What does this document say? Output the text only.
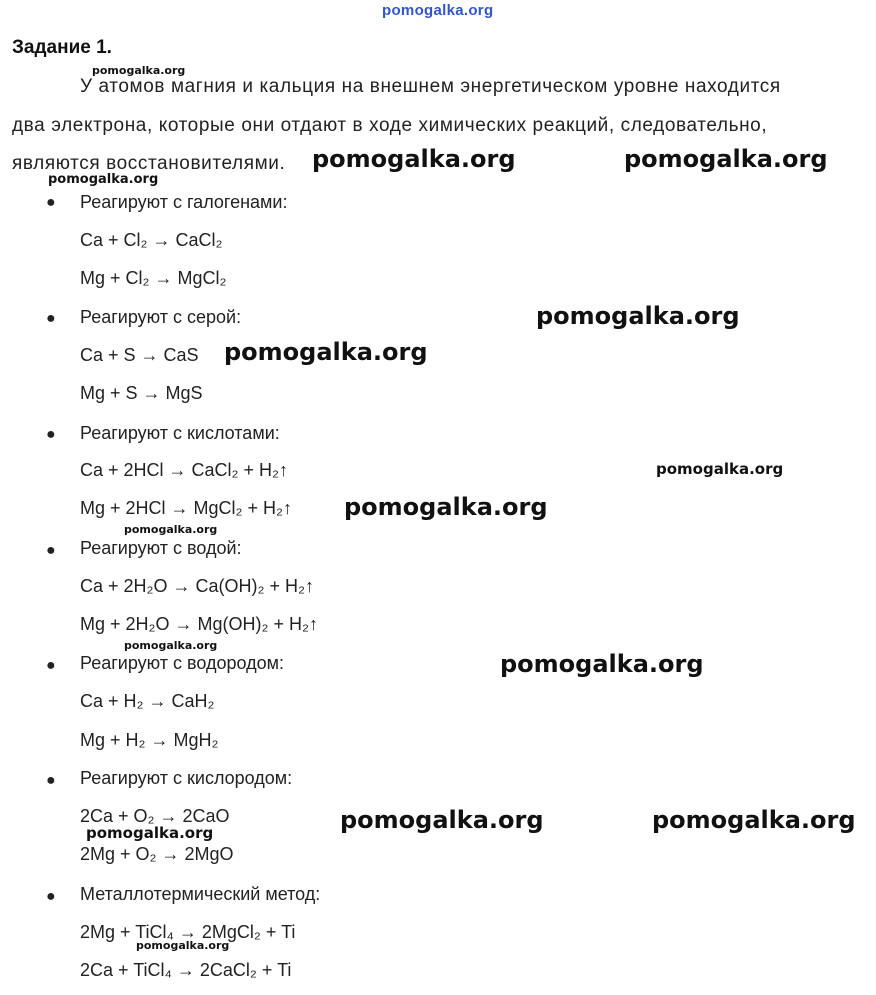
pomogalka.org
Задание 1.
У атомов магния и кальция на внешнем энергетическом уровне находится
два электрона, которые они отдают в ходе химических реакций, следовательно,
являются восстановителями.
● Реагируют с галогенами:
Ca + Cl₂ → CaCl₂
Mg + Cl₂ → MgCl₂
● Реагируют с серой:
Ca + S → CaS
Mg + S → MgS
● Реагируют с кислотами:
Ca + 2HCl → CaCl₂ + H₂↑
Mg + 2HCl → MgCl₂ + H₂↑
● Реагируют с водой:
Ca + 2H₂O → Ca(OH)₂ + H₂↑
Mg + 2H₂O → Mg(OH)₂ + H₂↑
● Реагируют с водородом:
Ca + H₂ → CaH₂
Mg + H₂ → MgH₂
● Реагируют с кислородом:
2Ca + O₂ → 2CaO
2Mg + O₂ → 2MgO
● Металлотермический метод:
2Mg + TiCl₄ → 2MgCl₂ + Ti
2Ca + TiCl₄ → 2CaCl₂ + Ti
pomogalka.org
pomogalka.org	pomogalka.org
pomogalka.org
pomogalka.org
pomogalka.org
pomogalka.org
pomogalka.org
pomogalka.org
pomogalka.org
pomogalka.org
pomogalka.org	pomogalka.org
pomogalka.org
pomogalka.org
